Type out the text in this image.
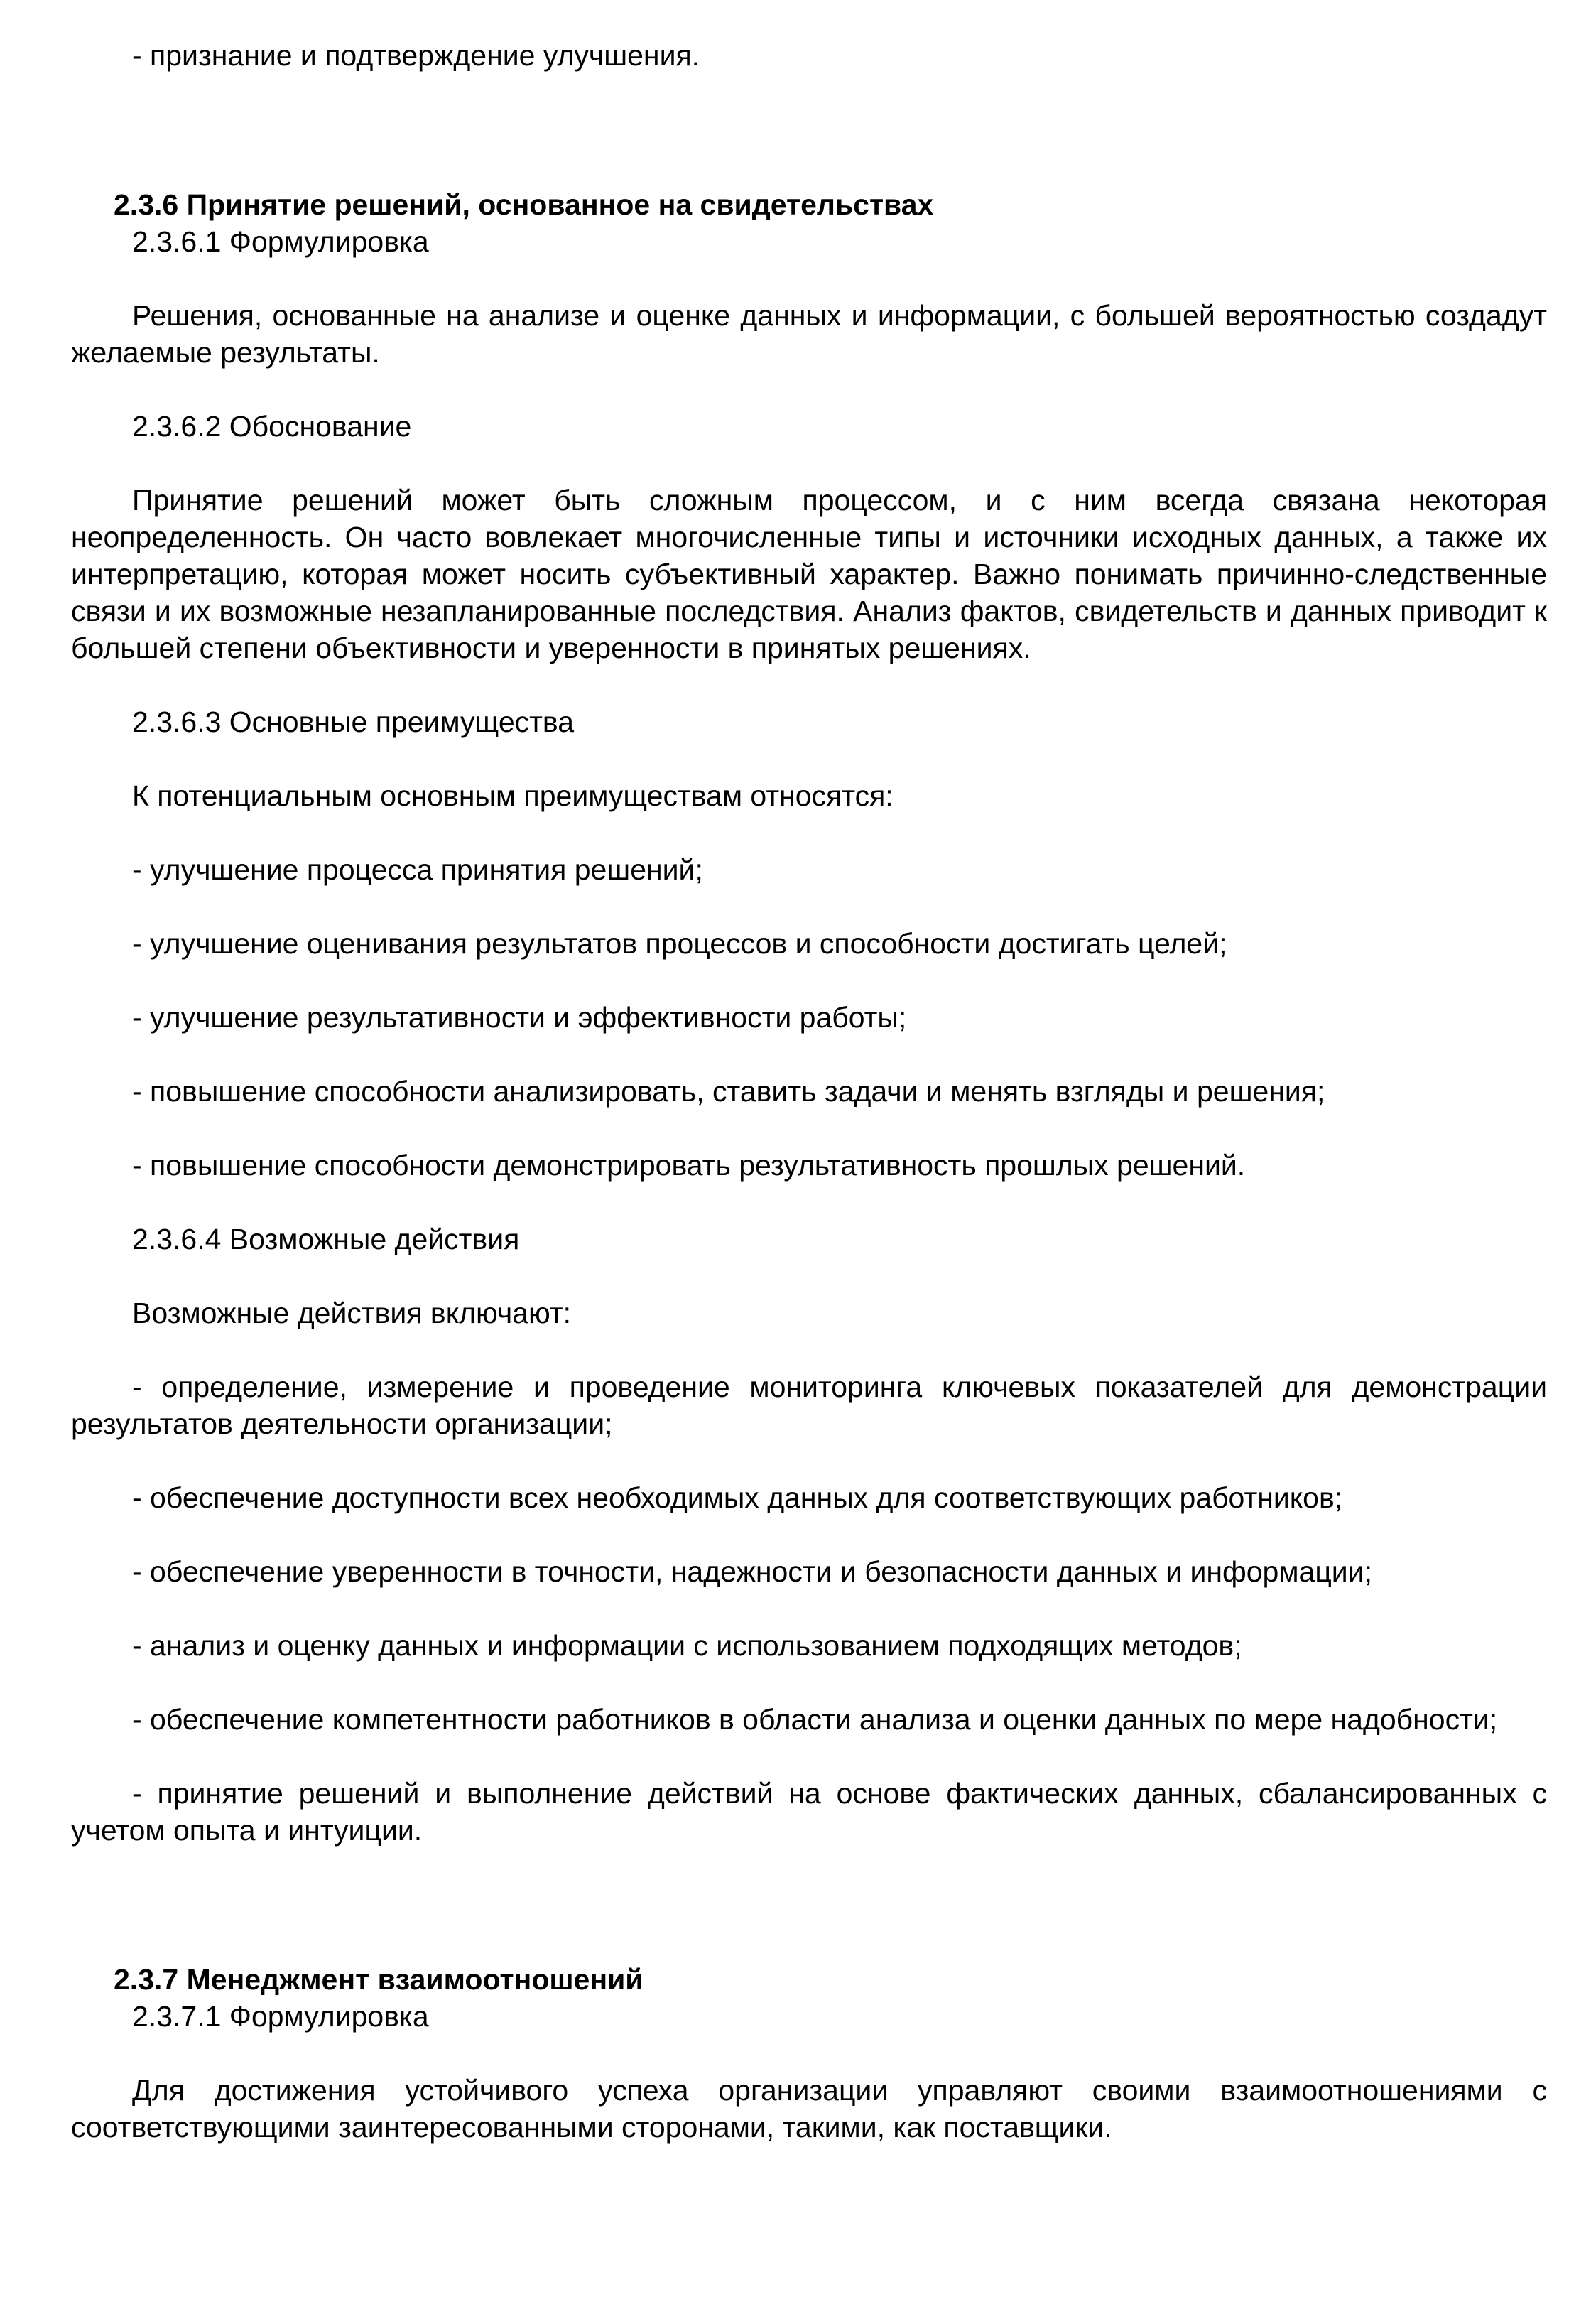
- признание и подтверждение улучшения.

2.3.6 Принятие решений, основанное на свидетельствах

2.3.6.1 Формулировка

Решения, основанные на анализе и оценке данных и информации, с большей вероятностью создадут желаемые результаты.

2.3.6.2 Обоснование

Принятие решений может быть сложным процессом, и с ним всегда связана некоторая неопределенность. Он часто вовлекает многочисленные типы и источники исходных данных, а также их интерпретацию, которая может носить субъективный характер. Важно понимать причинно-следственные связи и их возможные незапланированные последствия. Анализ фактов, свидетельств и данных приводит к большей степени объективности и уверенности в принятых решениях.

2.3.6.3 Основные преимущества

К потенциальным основным преимуществам относятся:

- улучшение процесса принятия решений;

- улучшение оценивания результатов процессов и способности достигать целей;

- улучшение результативности и эффективности работы;

- повышение способности анализировать, ставить задачи и менять взгляды и решения;

- повышение способности демонстрировать результативность прошлых решений.

2.3.6.4 Возможные действия

Возможные действия включают:

- определение, измерение и проведение мониторинга ключевых показателей для демонстрации результатов деятельности организации;

- обеспечение доступности всех необходимых данных для соответствующих работников;

- обеспечение уверенности в точности, надежности и безопасности данных и информации;

- анализ и оценку данных и информации с использованием подходящих методов;

- обеспечение компетентности работников в области анализа и оценки данных по мере надобности;

- принятие решений и выполнение действий на основе фактических данных, сбалансированных с учетом опыта и интуиции.

2.3.7 Менеджмент взаимоотношений

2.3.7.1 Формулировка

Для достижения устойчивого успеха организации управляют своими взаимоотношениями с соответствующими заинтересованными сторонами, такими, как поставщики.
